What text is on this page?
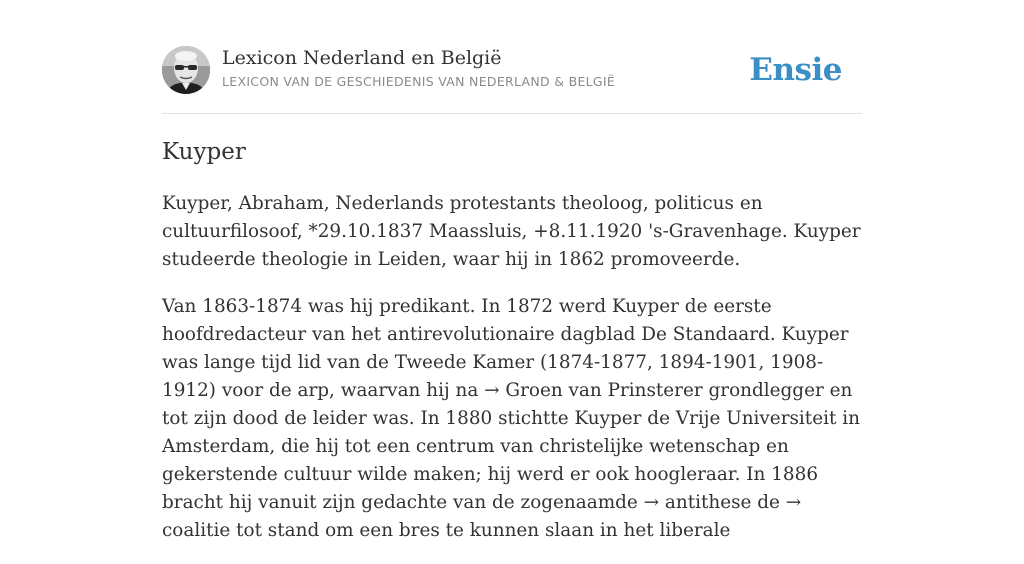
Lexicon Nederland en België
LEXICON VAN DE GESCHIEDENIS VAN NEDERLAND & BELGIË	Ensie
Kuyper

Kuyper, Abraham, Nederlands protestants theoloog, politicus en cultuurfilosoof, *29.10.1837 Maassluis, +8.11.1920 's-Gravenhage. Kuyper studeerde theologie in Leiden, waar hij in 1862 promoveerde.

Van 1863-1874 was hij predikant. In 1872 werd Kuyper de eerste hoofdredacteur van het antirevolutionaire dagblad De Standaard. Kuyper was lange tijd lid van de Tweede Kamer (1874-1877, 1894-1901, 1908-1912) voor de arp, waarvan hij na → Groen van Prinsterer grondlegger en tot zijn dood de leider was. In 1880 stichtte Kuyper de Vrije Universiteit in Amsterdam, die hij tot een centrum van christelijke wetenschap en gekerstende cultuur wilde maken; hij werd er ook hoogleraar. In 1886 bracht hij vanuit zijn gedachte van de zogenaamde → antithese de → coalitie tot stand om een bres te kunnen slaan in het liberale
